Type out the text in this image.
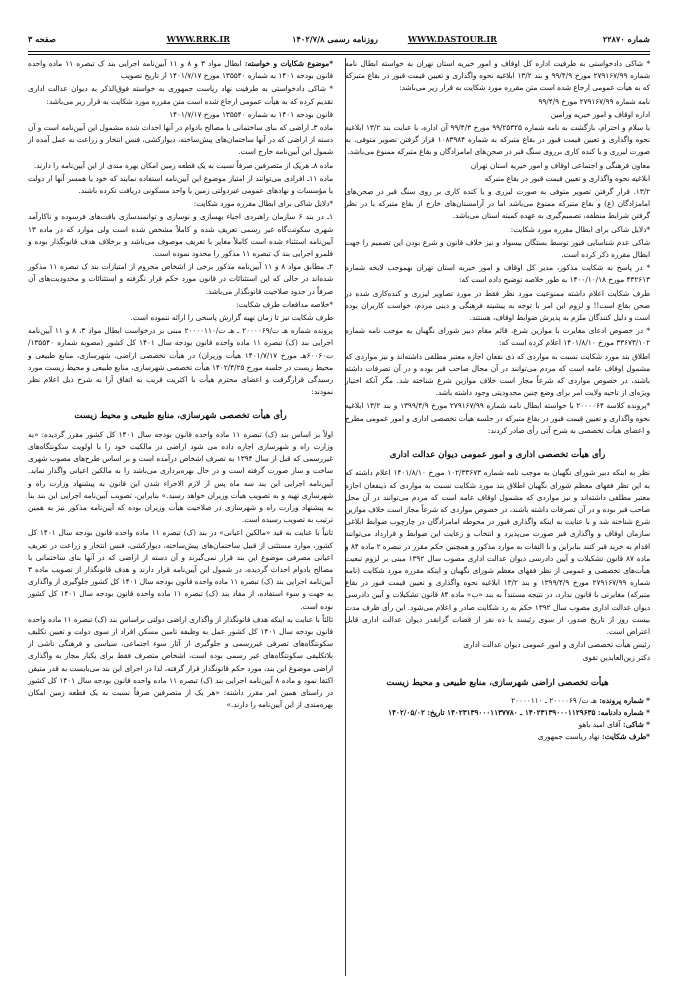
شماره ۲۲۸۷۰
WWW.DASTOUR.IR
روزنامه رسمی ۱۴۰۲/۷/۸
WWW.RRK.IR
صفحه ۳

* شاکی دادخواستی به طرفیت اداره کل اوقاف و امور خیریه استان تهران به خواسته ابطال نامه شماره ۲۷۹۱۶۷/۹۹ مورخ ۹۹/۴/۹ و بند ۱۳/۲ ابلاغیه نحوه واگذاری و تعیین قیمت قبور در بقاع متبرکه که به هیأت عمومی ارجاع شده است متن مقرره مورد شکایت به قرار زیر می‌باشد:

نامه شماره ۲۷۹۱۶۷/۹۹ مورخ ۹۹/۴/۹

اداره اوقاف و امور خیریه ورامین

با سلام و احترام، بازگشت به نامه شماره ۹۹/۲۵۳۲۵ مورخ ۹۹/۴/۳ آن اداره، با عنایت بند ۱۳/۲ ابلاغیه نحوه واگذاری و تعیین قیمت قبور در بقاع متبرکه به شماره ۱۰۸۳۹۸۴ قرار گرفتن تصویر متوفی، به صورت لیزری و یا کنده کاری برروی سنگ قبر در صحن‌های امامزادگان و بقاع متبرکه ممنوع می‌باشد.

معاون فرهنگی و اجتماعی اوقاف و امور خیریه استان تهران

ابلاغیه نحوه واگذاری و تعیین قیمت قبور در بقاع متبرکه

۱۳/۲. قرار گرفتن تصویر متوفی به صورت لیزری و یا کنده کاری بر روی سنگ قبر در صحن‌های امامزادگان (ع) و بقاع متبرکه ممنوع می‌باشد اما در آرامستان‌های خارج از بقاع متبرکه با در نظر گرفتن شرایط منطقه، تصمیم‌گیری به عهده کمیته استان می‌باشد.

*دلایل شاکی برای ابطال مقرره مورد شکایت:

شاکی عدم شناسایی قبور توسط بستگان بیسواد و نیز خلاف قانون و شرع بودن این تصمیم را جهت ابطال مقرره ذکر کرده است.

* در پاسخ به شکایت مذکور، مدیر کل اوقاف و امور خیریه استان تهران بهموجب لایحه شماره ۴۳۲۶۱۳ مورخ ۱۴۰۰/۱۰/۱۸ به طور خلاصه توضیح داده است که:

طرف شکایت اعلام داشته ممنوعیت مورد نظر فقط در مورد تصاویر لیزری و کنده‌کاری شده در صحن بقاع است!! و لزوم این امر با توجه به پیشینه فرهنگی و دینی مردم، خواست کاربران بوده است و دلیل کنندگان ملزم به پذیرش ضوابط اوقاف، هستند.

* در خصوص ادعای مغایرت با موازین شرع، قائم مقام دبیر شورای نگهبان به موجب نامه شماره ۳۳۶۷۳/۱۰۲ مورخ ۱۴۰۱/۸/۱۰ اعلام کرده است که:

اطلاق بند مورد شکایت نسبت به مواردی که ذی نفعان اجازه معتبر مطلقی داشته‌اند و نیز مواردی که مشمول اوقاف عامه است که مردم می‌توانند در آن محال صاحب قبر بوده و در آن تصرفات داشته باشند، در خصوص مواردی که شرعاً مجاز است خلاف موازین شرع شناخته شد. مگر آنکه اختیار ویژه‌ای از ناحیه ولایت امر برای وضع چنین محدودیتی وجود داشته باشد.

*پرونده کلاسه ۲۰۰۰۰۶۴ با خواسته ابطال نامه شماره ۲۷۹۱۶۷/۹۹ مورخ ۱۳۹۹/۴/۹ و بند ۱۳/۲ ابلاغیه نحوه واگذاری و تعیین قیمت قبور در بقاع متبرکه در جلسه هیأت تخصصی اداری و امور عمومی مطرح و اعضای هیأت تخصصی به شرح آتی رأی صادر کردند:

رأی هیأت تخصصی اداری و امور عمومی دیوان عدالت اداری

نظر به اینکه دبیر شورای نگهبان به موجب نامه شماره ۱۰۲/۳۳۶۷۳ مورخ ۱۴۰۱/۸/۱۰ اعلام داشته که به این نظر فقهای معظم شورای نگهبان اطلاق بند مورد شکایت نسبت به مواردی که ذینفعان اجازه معتبر مطلقی داشته‌اند و نیز مواردی که مشمول اوقاف عامه است که مردم می‌توانند در آن محل صاحب قبر بوده و در آن تصرفات داشته باشند، در خصوص مواردی که شرعاً مجاز است خلاف موازین شرع شناخته شد و با عنایت به اینکه واگذاری قبور در محوطه امامزادگان در چارچوب ضوابط ابلاغی سازمان اوقاف و واگذاری قبر صورت می‌پذیرد و انتخاب و رعایت این ضوابط و قرارداد می‌توانند اقدام به خرید قبر کنند بنابراین و با التفات به موارد مذکور و همچنین حکم مقرر در تبصره ۲ ماده ۸۴ و ماده ۸۷ قانون تشکیلات و آیین دادرسی دیوان عدالت اداری مصوب سال ۱۳۹۲ مبنی بر لزوم تبعیت هیأت‌های تخصصی و عمومی از نظر فقهای معظم شورای نگهبان و اینکه مقرره مورد شکایت (نامه شماره ۲۷۹۱۶۷/۹۹ مورخ ۱۳۹۹/۴/۹ و بند ۱۳/۲ ابلاغیه نحوه واگذاری و تعیین قیمت قبور در بقاع متبرکه) مغایرتی با قانون ندارد، در نتیجه مستنداً به بند «ب» ماده ۸۴ قانون تشکیلات و آیین دادرسی دیوان عدالت اداری مصوب سال ۱۳۹۲ حکم به رد شکایت صادر و اعلام می‌شود. این رأی ظرف مدت بیست روز از تاریخ صدور، از سوی رئیسد یا ده نفر از قضات گرانقدر دیوان عدالت اداری قابل اعتراض است.

رئیس هیأت تخصصی اداری و امور عمومی دیوان عدالت اداری

دکتر زین‌العابدین تقوی

هیأت تخصصی اراضی شهرسازی، منابع طبیعی و محیط زیست

* شماره پرونده: هـ ت/ ۲۰۰۰۰۶۹ ـ ۲۰۰۰۰۱۱۰

* شماره دادنامه: ۱۴۰۲۳۱۳۹۰۰۰۱۱۲۹۶۳۵ ـ ۱۴۰۲۳۱۳۹۰۰۰۱۱۳۷۷۸۰ تاریخ: ۱۴۰۲/۰۵/۰۲

* شاکی: آقای امید باهو

*طرف شکایت: نهاد ریاست جمهوری

*موضوع شکایات و خواسته: ابطال مواد ۳ و ۸ و ۱۱ آیین‌نامه اجرایی بند ک تبصره ۱۱ ماده واحده قانون بودجه ۱۴۰۱ به شماره ۱۳۵۵۴۰ مورخ ۱۴۰۱/۷/۱۷ از تاریخ تصویب

* شاکی دادخواستی به طرفیت نهاد ریاست جمهوری به خواسته فوق‌الذکر به دیوان عدالت اداری تقدیم کرده که به هیأت عمومی ارجاع شده است متن مقرره مورد شکایت به قرار زیر می‌باشد:

قانون بودجه ۱۴۰۱ به شماره ۱۳۵۵۴۰ مورخ ۱۴۰۱/۷/۱۷

ماده ۳ـ اراضی که بنای ساختمانی با مصالح بادوام در آنها احداث شده مشمول این آیین‌نامه است و آن دسته از اراضی که در آنها ساختمان‌های پیش‌ساخته، دیوارکشی، فنس انتخار و زراعت به عمل آمده از شمول این آیین‌نامه خارج است.

ماده ۸ـ هریک از متصرفین صرفاً نسبت به یک قطعه زمین امکان بهره مندی از این آیین‌نامه را دارند.

ماده ۱۱ـ افرادی می‌توانند از امتیاز موضوع این آیین‌نامه استفاده نمایند که خود یا همسر آنها از دولت یا مؤسسات و نهادهای عمومی غیردولتی زمین یا واحد مسکونی دریافت نکرده باشند.

*دلایل شاکی برای ابطال مقرره مورد شکایت:

۱ـ در بند ۶ سازمان راهبردی احیاء بهسازی و نوسازی و توانمندسازی بافت‌های فرسوده و ناکارآمد شهری سکونت‌گاه غیر رسمی تعریف شده و کاملاً مشخص شده است ولی موارد که در ماده ۱۳ آیین‌نامه استثناء شده است کاملاً مغایر با تعریف موصوف می‌باشد و برخلاف هدف قانونگذار بوده و قلمرو اجرایی بند ک تبصره ۱۱ مذکور را محدود نموده است.

۲ـ مطابق مواد ۸ و ۱۱ آیین‌نامه مذکور برخی از اشخاص محروم از امتیازات بند ک تبصره ۱۱ مذکور شده‌اند در حالی که این استثنائات در قانون مورد حکم قرار نگرفته و استثنائات و محدودیت‌های آن صرفاً در حدود صلاحیت قانونگذار می‌باشد.

*خلاصه مدافعات طرف شکایت:

طرف شکایت نیز تا زمان تهیه گزارش پاسخی را ارائه ننموده است.

پرونده شماره هـ ت/۲۰۰۰۰۶۹ ـ هـ ت/۲۰۰۰۰۱۱۰ مبنی بر درخواست ابطال مواد ۳، ۸ و ۱۱ آیین‌نامه اجرایی بند (ک) تبصره ۱۱ ماده واحده قانون بودجه سال ۱۴۰۱ کل کشور (مصوبه شماره ۱۳۵۵۴۰/ت۶۰۰۶۰هـ مورخ ۱۴۰۱/۷/۱۷ هیأت وزیران) در هیأت تخصصی اراضی، شهرسازی، منابع طبیعی و محیط زیست در جلسه مورخ ۱۴۰۲/۴/۲۵ هیأت تخصصی شهرسازی، منابع طبیعی و محیط زیست مورد رسیدگی قرارگرفت و اعضای محترم هیأت با اکثریت قریب به اتفاق آرا به شرح ذیل اعلام نظر نمودند:

رأی هیأت تخصصی شهرسازی، منابع طبیعی و محیط زیست

اولاً بر اساس بند (ک) تبصره ۱۱ ماده واحده قانون بودجه سال ۱۴۰۱ کل کشور مقرر گردیده: «به وزارت راه و شهرسازی اجازه داده می شود اراضی در مالکیت خود را با اولویت سکونتگاه‌های غیررسمی که قبل از سال ۱۳۹۴ به تصرف اشخاص درآمده است و بر اساس طرح‌های مصوب شهری ساخت و ساز صورت گرفته است و در حال بهره‌برداری می‌باشد را به مالکین اعیانی واگذار نماید. آیین‌نامه اجرایی این بند سه ماه پس از لازم الاجراء شدن این قانون به پیشنهاد وزارت راه و شهرسازی تهیه و به تصویب هیأت وزیران خواهد رسید.» بنابراین، تصویب آیین‌نامه اجرایی این بند بنا به پیشنهاد وزارت راه و شهرسازی در صلاحیت هیأت وزیران بوده که آیین‌نامه مذکور نیز به همین ترتیب به تصویب رسیده است.

ثانیاً با عنایت به قید «مالکین اعیانی» در بند (ک) تبصره ۱۱ ماده واحده قانون بودجه سال ۱۴۰۱ کل کشور، موارد مستثنی از قبیل ساختمان‌های پیش‌ساخته، دیوارکشی، فنس انتخار و زراعت در تعریف اعیانی مصرفی موضوع این بند قرار نمی‌گیرند و آن دسته از اراضی که در آنها بنای ساختمانی با مصالح بادوام احداث گردیده، در شمول این آیین‌نامه قرار دارند و هدف قانونگذار از تصویب ماده ۳ آیین‌نامه اجرایی بند (ک) تبصره ۱۱ ماده واحده قانون بودجه سال ۱۴۰۱ کل کشور جلوگیری از واگذاری به جهت و سوء استفاده، از مفاد بند (ک) تبصره ۱۱ ماده واحده قانون بودجه سال ۱۴۰۱ کل کشور بوده است.

ثالثاً با عنایت به اینکه هدف قانونگذار از واگذاری اراضی دولتی براساس بند (ک) تبصره ۱۱ ماده واحده قانون بودجه سال ۱۴۰۱ کل کشور عمل به وظیفه تامین مسکن افراد از سوی دولت و تعیین تکلیف سکونتگاه‌های تصرفی غیررسمی و جلوگیری از آثار سوء اجتماعی، سیاسی و فرهنگی ناشی از بلاتکلیفی سکونتگاه‌های غیر رسمی بوده است، اشخاص متصرف فقط برای یکبار مجاز به واگذاری اراضی موضوع این بند، مورد حکم قانونگذار قرار گرفته، لذا در اجرای این بند می‌بایست به قدر متیقن اکتفا نمود و ماده ۸ آیین‌نامه اجرایی بند (ک) تبصره ۱۱ ماده واحده قانون بودجه سال ۱۴۰۱ کل کشور در راستای همین امر مقرر داشته: «هر یک از متصرفین صرفاً نسبت به یک قطعه زمین امکان بهره‌مندی از این آیین‌نامه را دارند.»
